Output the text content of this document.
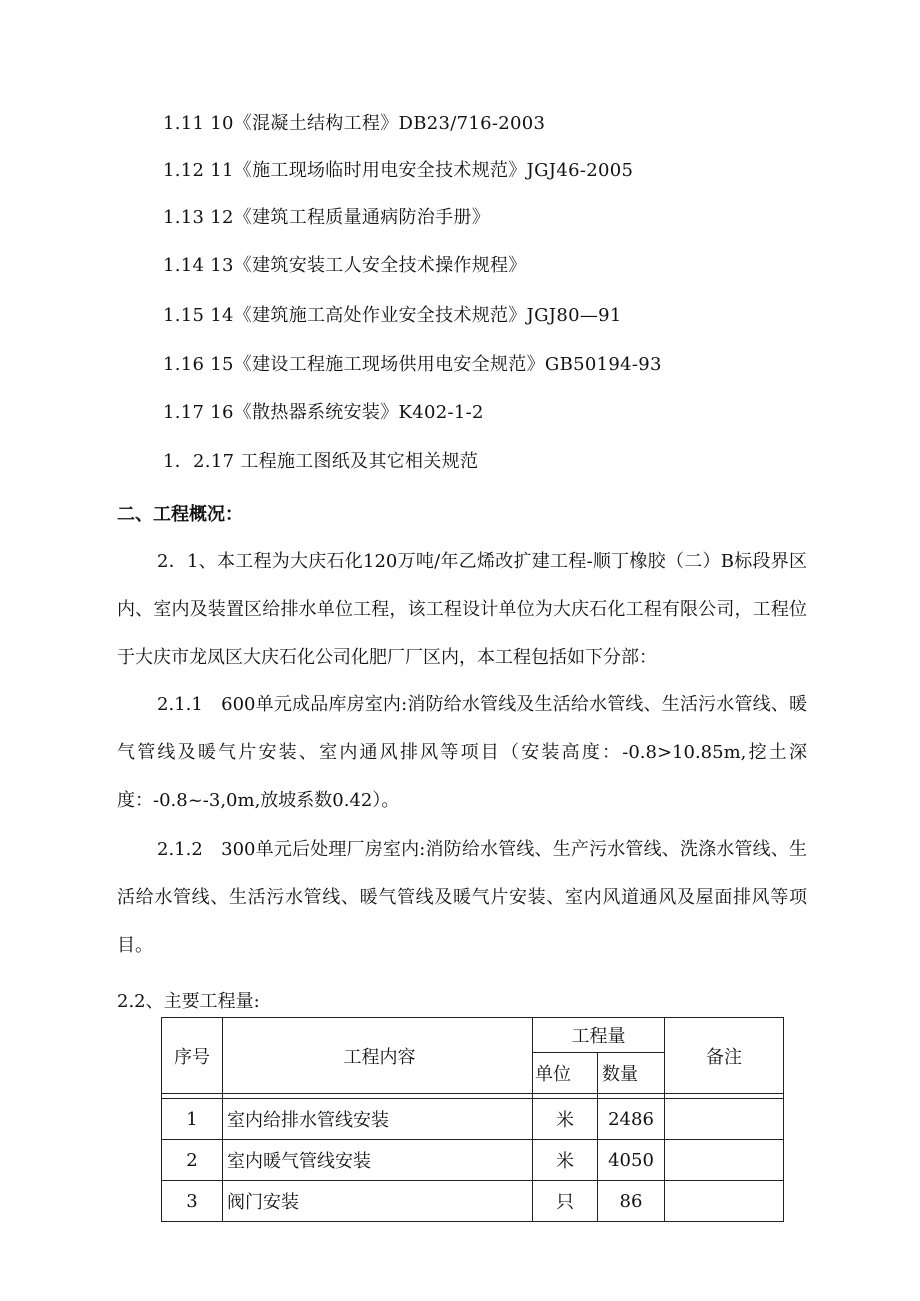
1.11 10《混凝土结构工程》DB23/716-2003
1.12 11《施工现场临时用电安全技术规范》JGJ46-2005
1.13 12《建筑工程质量通病防治手册》
1.14 13《建筑安装工人安全技术操作规程》
1.15 14《建筑施工高处作业安全技术规范》JGJ80—91
1.16 15《建设工程施工现场供用电安全规范》GB50194-93
1.17 16《散热器系统安装》K402-1-2
1．2.17 工程施工图纸及其它相关规范
二、工程概况：
2．1、本工程为大庆石化120万吨/年乙烯改扩建工程-顺丁橡胶（二）B标段界区内、室内及装置区给排水单位工程，该工程设计单位为大庆石化工程有限公司，工程位于大庆市龙凤区大庆石化公司化肥厂厂区内，本工程包括如下分部：
2.1.1　600单元成品库房室内:消防给水管线及生活给水管线、生活污水管线、暖气管线及暖气片安装、室内通风排风等项目（安装高度：-0.8>10.85m,挖土深度：-0.8~-3,0m,放坡系数0.42）。
2.1.2　300单元后处理厂房室内:消防给水管线、生产污水管线、洗涤水管线、生活给水管线、生活污水管线、暖气管线及暖气片安装、室内风道通风及屋面排风等项目。
2.2、主要工程量:
序号	工程内容	工程量		备注
		单位	数量	

1	室内给排水管线安装	米	2486	
2	室内暖气管线安装	米	4050	
3	阀门安装	只	86	
